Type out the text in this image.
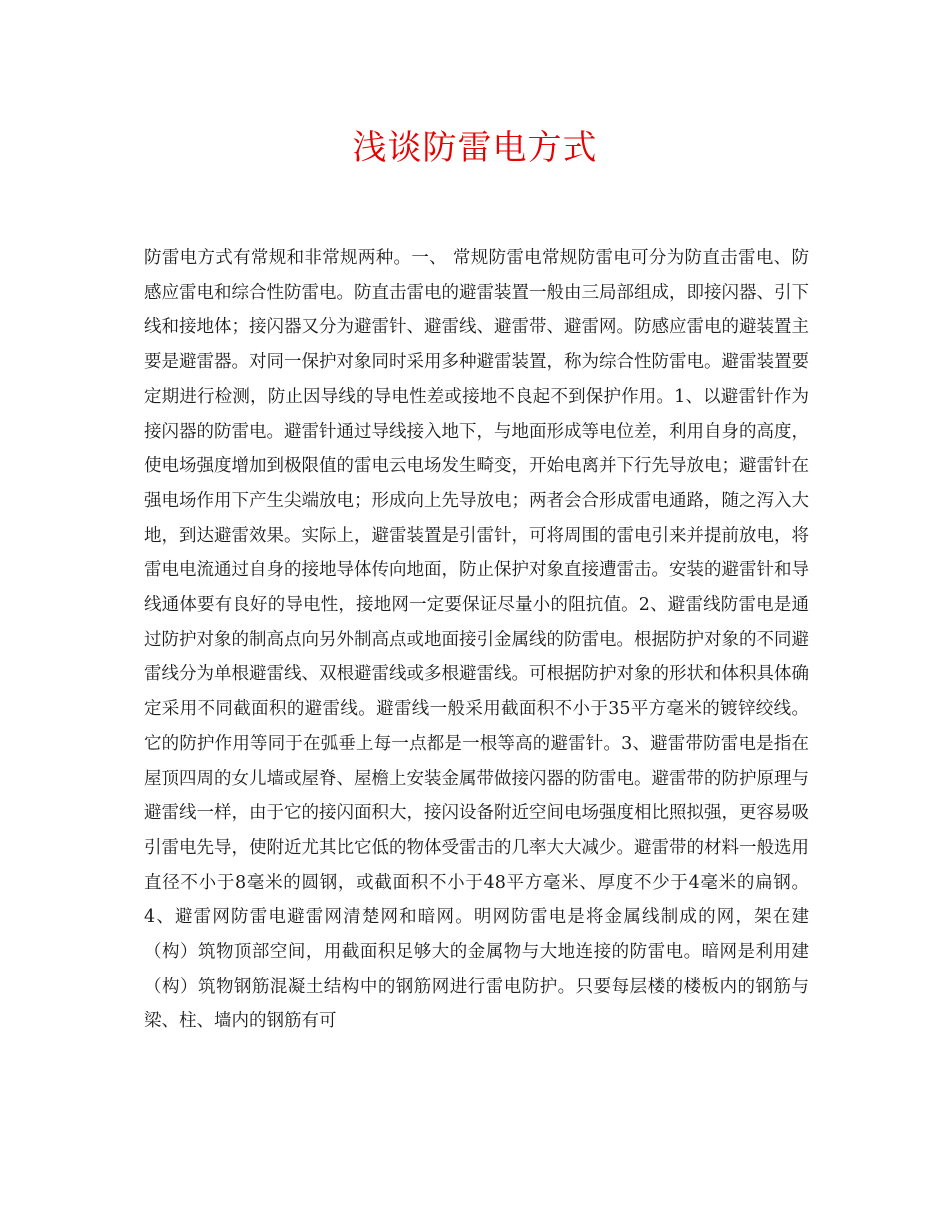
浅谈防雷电方式

防雷电方式有常规和非常规两种。一、 常规防雷电常规防雷电可分为防直击雷电、防感应雷电和综合性防雷电。防直击雷电的避雷装置一般由三局部组成，即接闪器、引下线和接地体；接闪器又分为避雷针、避雷线、避雷带、避雷网。防感应雷电的避装置主要是避雷器。对同一保护对象同时采用多种避雷装置，称为综合性防雷电。避雷装置要定期进行检测，防止因导线的导电性差或接地不良起不到保护作用。1、以避雷针作为接闪器的防雷电。避雷针通过导线接入地下，与地面形成等电位差，利用自身的高度，使电场强度增加到极限值的雷电云电场发生畸变，开始电离并下行先导放电；避雷针在强电场作用下产生尖端放电；形成向上先导放电；两者会合形成雷电通路，随之泻入大地，到达避雷效果。实际上，避雷装置是引雷针，可将周围的雷电引来并提前放电，将雷电电流通过自身的接地导体传向地面，防止保护对象直接遭雷击。安装的避雷针和导线通体要有良好的导电性，接地网一定要保证尽量小的阻抗值。2、避雷线防雷电是通过防护对象的制高点向另外制高点或地面接引金属线的防雷电。根据防护对象的不同避雷线分为单根避雷线、双根避雷线或多根避雷线。可根据防护对象的形状和体积具体确定采用不同截面积的避雷线。避雷线一般采用截面积不小于35平方毫米的镀锌绞线。它的防护作用等同于在弧垂上每一点都是一根等高的避雷针。3、避雷带防雷电是指在屋顶四周的女儿墙或屋脊、屋檐上安装金属带做接闪器的防雷电。避雷带的防护原理与避雷线一样，由于它的接闪面积大，接闪设备附近空间电场强度相比照拟强，更容易吸引雷电先导，使附近尤其比它低的物体受雷击的几率大大减少。避雷带的材料一般选用直径不小于8毫米的圆钢，或截面积不小于48平方毫米、厚度不少于4毫米的扁钢。4、避雷网防雷电避雷网清楚网和暗网。明网防雷电是将金属线制成的网，架在建（构）筑物顶部空间，用截面积足够大的金属物与大地连接的防雷电。暗网是利用建（构）筑物钢筋混凝土结构中的钢筋网进行雷电防护。只要每层楼的楼板内的钢筋与梁、柱、墙内的钢筋有可
